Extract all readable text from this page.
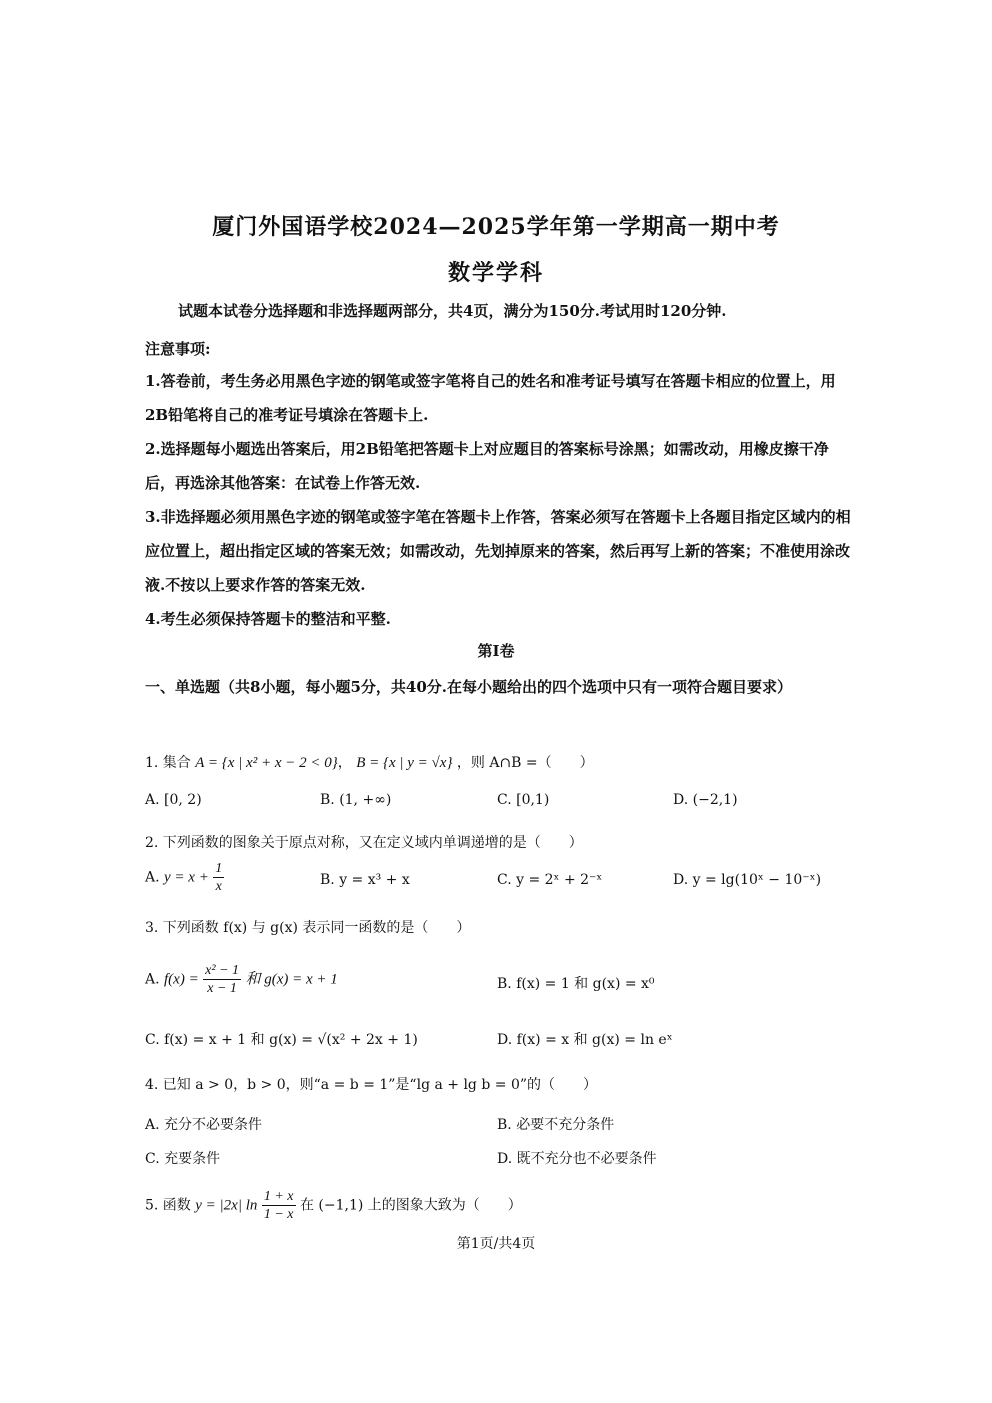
厦门外国语学校2024—2025学年第一学期高一期中考
数学学科
试题本试卷分选择题和非选择题两部分，共4页，满分为150分.考试用时120分钟.
注意事项:
1.答卷前，考生务必用黑色字迹的钢笔或签字笔将自己的姓名和准考证号填写在答题卡相应的位置上，用2B铅笔将自己的准考证号填涂在答题卡上.
2.选择题每小题选出答案后，用2B铅笔把答题卡上对应题目的答案标号涂黑；如需改动，用橡皮擦干净后，再选涂其他答案：在试卷上作答无效.
3.非选择题必须用黑色字迹的钢笔或签字笔在答题卡上作答，答案必须写在答题卡上各题目指定区域内的相应位置上，超出指定区域的答案无效；如需改动，先划掉原来的答案，然后再写上新的答案；不准使用涂改液.不按以上要求作答的答案无效.
4.考生必须保持答题卡的整洁和平整.
第I卷
一、单选题（共8小题，每小题5分，共40分.在每小题给出的四个选项中只有一项符合题目要求）
1. 集合 A = {x | x² + x − 2 < 0}， B = {x | y = √x} ，则 A∩B =（　　）
A. [0, 2)	B. (1, +∞)	C. [0,1)	D. (−2,1)
2. 下列函数的图象关于原点对称，又在定义域内单调递增的是（　　）
A. $y = x + \frac{1}{x}$	B. y = x³ + x	C. y = 2ˣ + 2⁻ˣ	D. y = lg(10ˣ − 10⁻ˣ)
3. 下列函数 f(x) 与 g(x) 表示同一函数的是（　　）
A. $f(x) = \frac{\text{x² − 1}}{x - 1}$ 和 g(x) = x + 1	B. f(x) = 1 和 g(x) = x⁰
C. f(x) = x + 1 和 g(x) = √(x² + 2x + 1)	D. f(x) = x 和 g(x) = ln eˣ
4. 已知 a > 0，b > 0，则“a = b = 1”是“lg a + lg b = 0”的（　　）
A. 充分不必要条件	B. 必要不充分条件
C. 充要条件	D. 既不充分也不必要条件
5. 函数 y = |2x| $\ln \frac{1 + x}{1 - x}$ 在 (−1,1) 上的图象大致为（　　）
第1页/共4页
